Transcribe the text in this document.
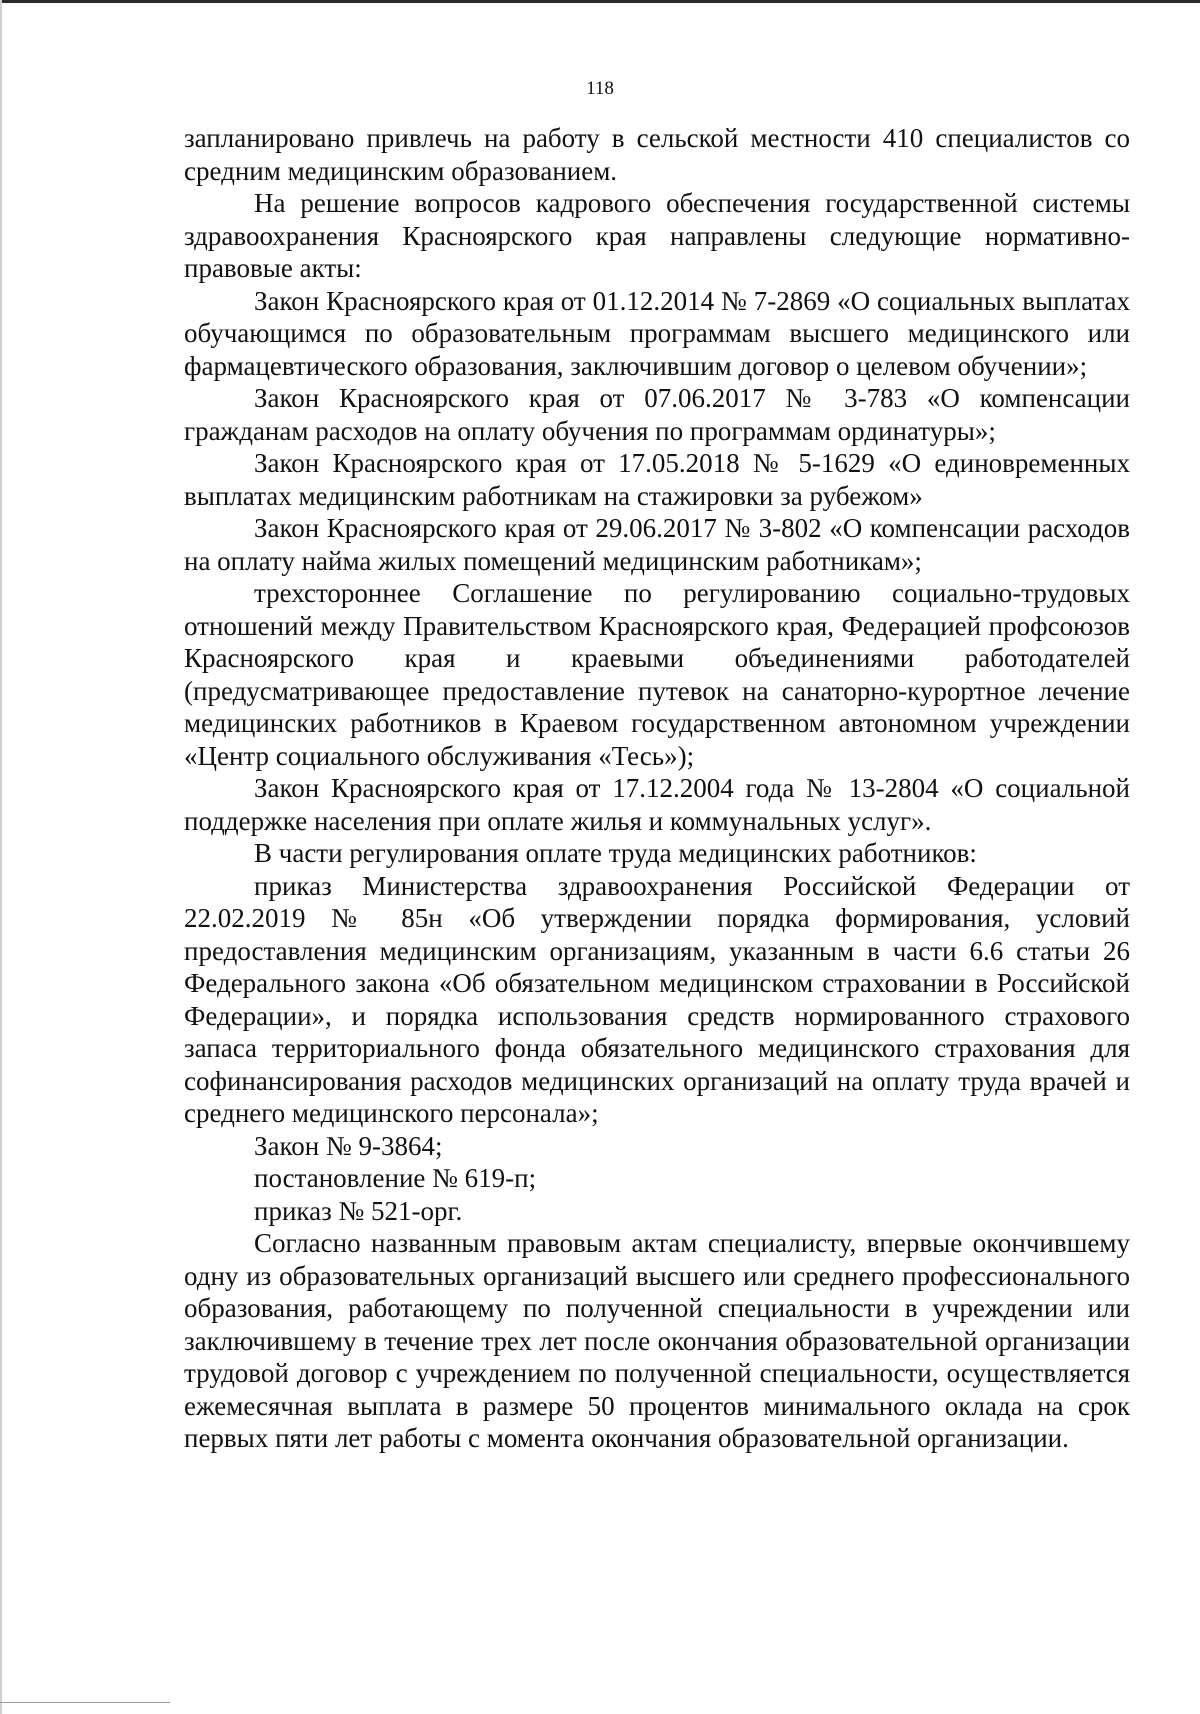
118

запланировано привлечь на работу в сельской местности 410 специалистов со средним медицинским образованием.

На решение вопросов кадрового обеспечения государственной системы здравоохранения Красноярского края направлены следующие нормативно-правовые акты:

Закон Красноярского края от 01.12.2014 № 7-2869 «О социальных выплатах обучающимся по образовательным программам высшего медицинского или фармацевтического образования, заключившим договор о целевом обучении»;

Закон Красноярского края от 07.06.2017 № 3-783 «О компенсации гражданам расходов на оплату обучения по программам ординатуры»;

Закон Красноярского края от 17.05.2018 № 5-1629 «О единовременных выплатах медицинским работникам на стажировки за рубежом»

Закон Красноярского края от 29.06.2017 № 3-802 «О компенсации расходов на оплату найма жилых помещений медицинским работникам»;

трехстороннее Соглашение по регулированию социально-трудовых отношений между Правительством Красноярского края, Федерацией профсоюзов Красноярского края и краевыми объединениями работодателей (предусматривающее предоставление путевок на санаторно-курортное лечение медицинских работников в Краевом государственном автономном учреждении «Центр социального обслуживания «Тесь»);

Закон Красноярского края от 17.12.2004 года № 13-2804 «О социальной поддержке населения при оплате жилья и коммунальных услуг».

В части регулирования оплате труда медицинских работников:

приказ Министерства здравоохранения Российской Федерации от 22.02.2019 № 85н «Об утверждении порядка формирования, условий предоставления медицинским организациям, указанным в части 6.6 статьи 26 Федерального закона «Об обязательном медицинском страховании в Российской Федерации», и порядка использования средств нормированного страхового запаса территориального фонда обязательного медицинского страхования для софинансирования расходов медицинских организаций на оплату труда врачей и среднего медицинского персонала»;

Закон № 9-3864;

постановление № 619-п;

приказ № 521-орг.

Согласно названным правовым актам специалисту, впервые окончившему одну из образовательных организаций высшего или среднего профессионального образования, работающему по полученной специальности в учреждении или заключившему в течение трех лет после окончания образовательной организации трудовой договор с учреждением по полученной специальности, осуществляется ежемесячная выплата в размере 50 процентов минимального оклада на срок первых пяти лет работы с момента окончания образовательной организации.
